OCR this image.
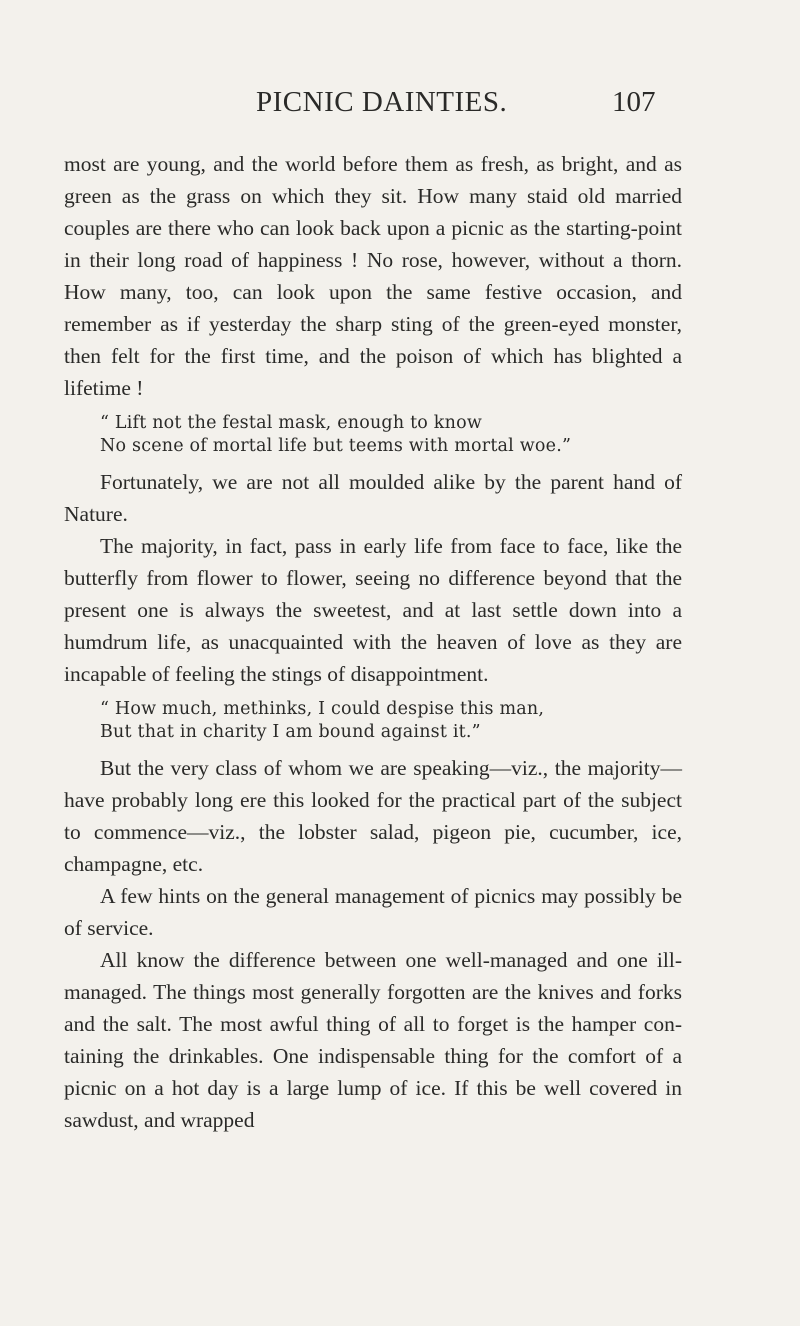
PICNIC DAINTIES.	107

most are young, and the world before them as fresh, as bright, and as green as the grass on which they sit. How many staid old married couples are there who can look back upon a picnic as the starting-point in their long road of happiness ! No rose, however, without a thorn. How many, too, can look upon the same festive occasion, and remember as if yesterday the sharp sting of the green-eyed monster, then felt for the first time, and the poison of which has blighted a lifetime !

“ Lift not the festal mask, enough to know
No scene of mortal life but teems with mortal woe.”

Fortunately, we are not all moulded alike by the parent hand of Nature.

The majority, in fact, pass in early life from face to face, like the butterfly from flower to flower, seeing no difference beyond that the present one is always the sweetest, and at last settle down into a humdrum life, as unacquainted with the heaven of love as they are incapable of feeling the stings of disappointment.

“ How much, methinks, I could despise this man,
But that in charity I am bound against it.”

But the very class of whom we are speaking—viz., the majority—have probably long ere this looked for the practical part of the subject to commence—viz., the lobster salad, pigeon pie, cucumber, ice, champagne, etc.

A few hints on the general management of picnics may possibly be of service.

All know the difference between one well-managed and one ill-managed. The things most generally forgotten are the knives and forks and the salt. The most awful thing of all to forget is the hamper con- taining the drinkables. One indispensable thing for the comfort of a picnic on a hot day is a large lump of ice. If this be well covered in sawdust, and wrapped
